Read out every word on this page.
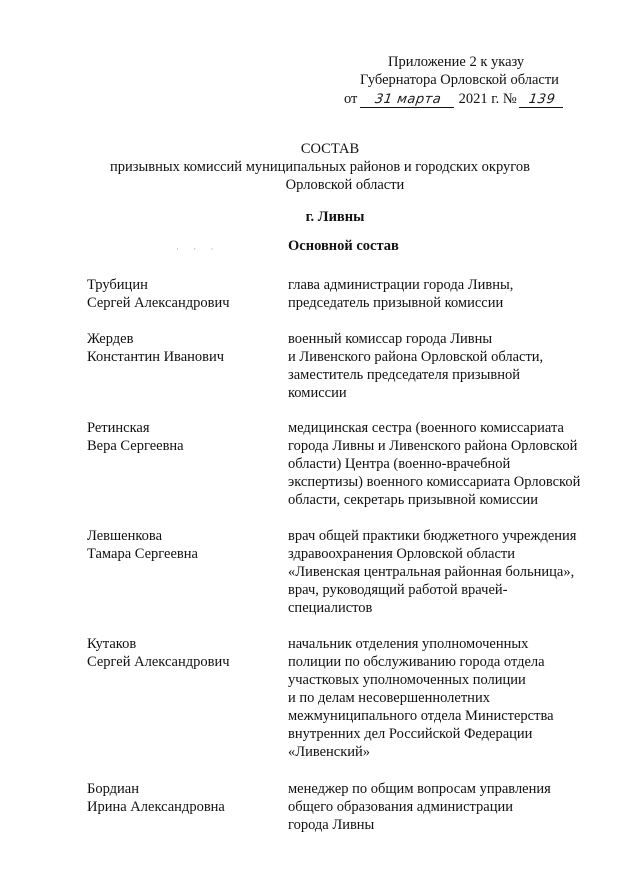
Приложение 2 к указу
Губернатора Орловской области
от 31 марта 2021 г. № 139
СОСТАВ
призывных комиссий муниципальных районов и городских округов
Орловской области
г. Ливны
· · ·	Основной состав
Трубицин
Сергей Александрович
глава администрации города Ливны,
председатель призывной комиссии
Жердев
Константин Иванович
военный комиссар города Ливны
и Ливенского района Орловской области,
заместитель председателя призывной
комиссии
Ретинская
Вера Сергеевна
медицинская сестра (военного комиссариата
города Ливны и Ливенского района Орловской
области) Центра (военно-врачебной
экспертизы) военного комиссариата Орловской
области, секретарь призывной комиссии
Левшенкова
Тамара Сергеевна
врач общей практики бюджетного учреждения
здравоохранения Орловской области
«Ливенская центральная районная больница»,
врач, руководящий работой врачей-
специалистов
Кутаков
Сергей Александрович
начальник отделения уполномоченных
полиции по обслуживанию города отдела
участковых уполномоченных полиции
и по делам несовершеннолетних
межмуниципального отдела Министерства
внутренних дел Российской Федерации
«Ливенский»
Бордиан
Ирина Александровна
менеджер по общим вопросам управления
общего образования администрации
города Ливны
